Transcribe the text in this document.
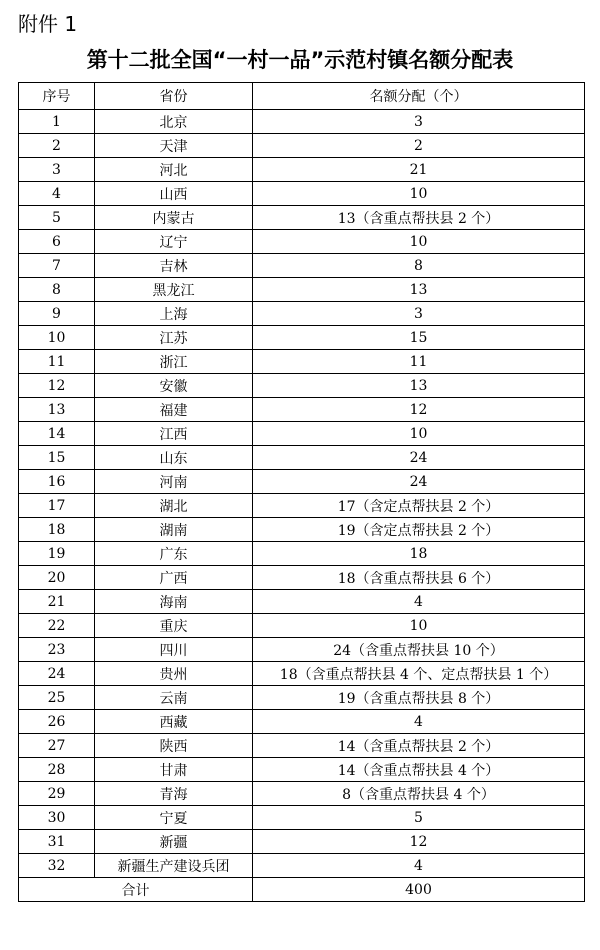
附件 1
第十二批全国“一村一品”示范村镇名额分配表
序号	省份	名额分配（个）
1	北京	3
2	天津	2
3	河北	21
4	山西	10
5	内蒙古	13（含重点帮扶县 2 个）
6	辽宁	10
7	吉林	8
8	黑龙江	13
9	上海	3
10	江苏	15
11	浙江	11
12	安徽	13
13	福建	12
14	江西	10
15	山东	24
16	河南	24
17	湖北	17（含定点帮扶县 2 个）
18	湖南	19（含定点帮扶县 2 个）
19	广东	18
20	广西	18（含重点帮扶县 6 个）
21	海南	4
22	重庆	10
23	四川	24（含重点帮扶县 10 个）
24	贵州	18（含重点帮扶县 4 个、定点帮扶县 1 个）
25	云南	19（含重点帮扶县 8 个）
26	西藏	4
27	陕西	14（含重点帮扶县 2 个）
28	甘肃	14（含重点帮扶县 4 个）
29	青海	8（含重点帮扶县 4 个）
30	宁夏	5
31	新疆	12
32	新疆生产建设兵团	4
合计		400
